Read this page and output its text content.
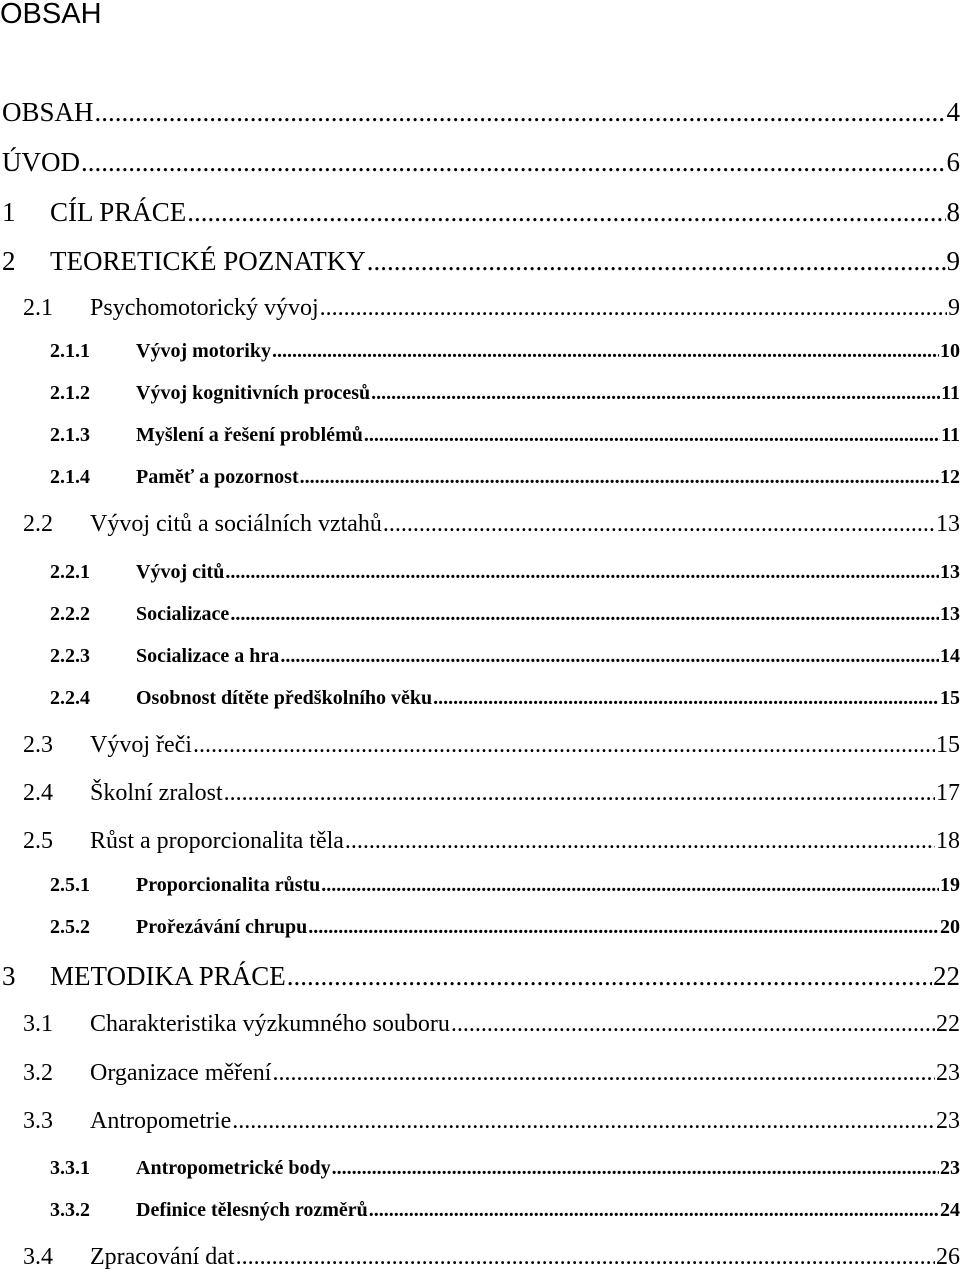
OBSAH
OBSAH .....	4
ÚVOD .....	6
1	CÍL PRÁCE .....	8
2	TEORETICKÉ POZNATKY .....	9
2.1	Psychomotorický vývoj .....	9
2.1.1	Vývoj motoriky .....	10
2.1.2	Vývoj kognitivních procesů .....	11
2.1.3	Myšlení a řešení problémů .....	11
2.1.4	Paměť a pozornost .....	12
2.2	Vývoj citů a sociálních vztahů .....	13
2.2.1	Vývoj citů .....	13
2.2.2	Socializace .....	13
2.2.3	Socializace a hra .....	14
2.2.4	Osobnost dítěte předškolního věku .....	15
2.3	Vývoj řeči .....	15
2.4	Školní zralost .....	17
2.5	Růst a proporcionalita těla .....	18
2.5.1	Proporcionalita růstu .....	19
2.5.2	Prořezávání chrupu .....	20
3	METODIKA PRÁCE .....	22
3.1	Charakteristika výzkumného souboru .....	22
3.2	Organizace měření .....	23
3.3	Antropometrie .....	23
3.3.1	Antropometrické body .....	23
3.3.2	Definice tělesných rozměrů .....	24
3.4	Zpracování dat .....	26
